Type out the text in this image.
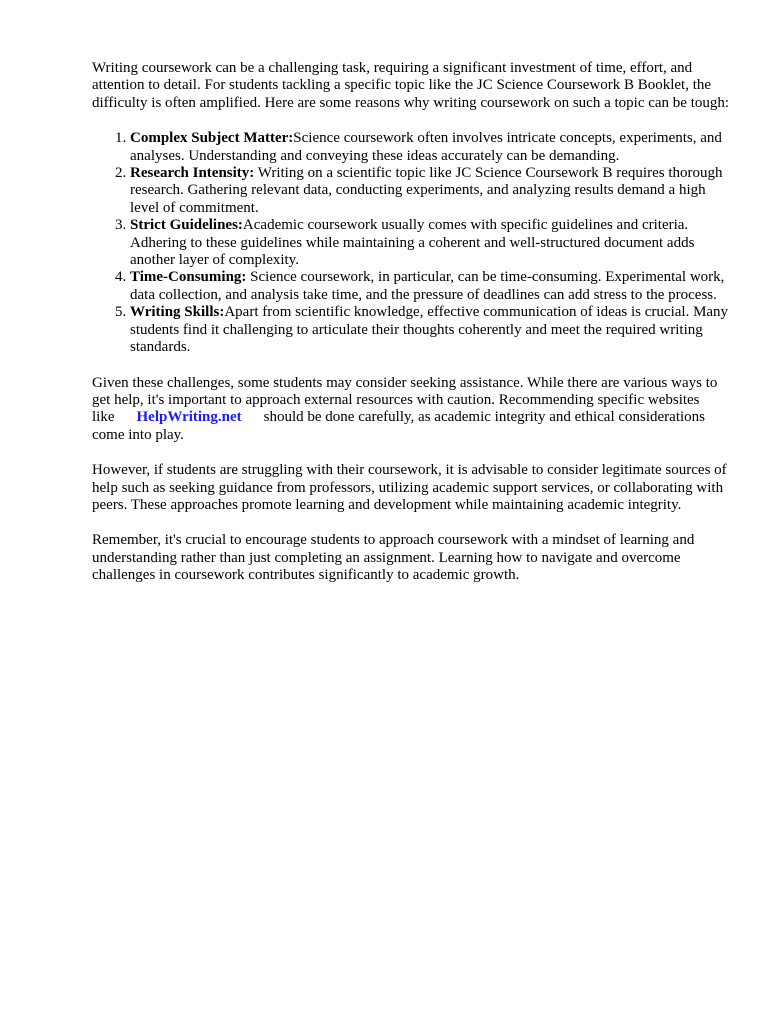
Writing coursework can be a challenging task, requiring a significant investment of time, effort, and attention to detail. For students tackling a specific topic like the JC Science Coursework B Booklet, the difficulty is often amplified. Here are some reasons why writing coursework on such a topic can be tough:

1. Complex Subject Matter:Science coursework often involves intricate concepts, experiments, and analyses. Understanding and conveying these ideas accurately can be demanding.
2. Research Intensity: Writing on a scientific topic like JC Science Coursework B requires thorough research. Gathering relevant data, conducting experiments, and analyzing results demand a high level of commitment.
3. Strict Guidelines:Academic coursework usually comes with specific guidelines and criteria. Adhering to these guidelines while maintaining a coherent and well-structured document adds another layer of complexity.
4. Time-Consuming: Science coursework, in particular, can be time-consuming. Experimental work, data collection, and analysis take time, and the pressure of deadlines can add stress to the process.
5. Writing Skills:Apart from scientific knowledge, effective communication of ideas is crucial. Many students find it challenging to articulate their thoughts coherently and meet the required writing standards.

Given these challenges, some students may consider seeking assistance. While there are various ways to get help, it's important to approach external resources with caution. Recommending specific websites like HelpWriting.net should be done carefully, as academic integrity and ethical considerations come into play.

However, if students are struggling with their coursework, it is advisable to consider legitimate sources of help such as seeking guidance from professors, utilizing academic support services, or collaborating with peers. These approaches promote learning and development while maintaining academic integrity.

Remember, it's crucial to encourage students to approach coursework with a mindset of learning and understanding rather than just completing an assignment. Learning how to navigate and overcome challenges in coursework contributes significantly to academic growth.
